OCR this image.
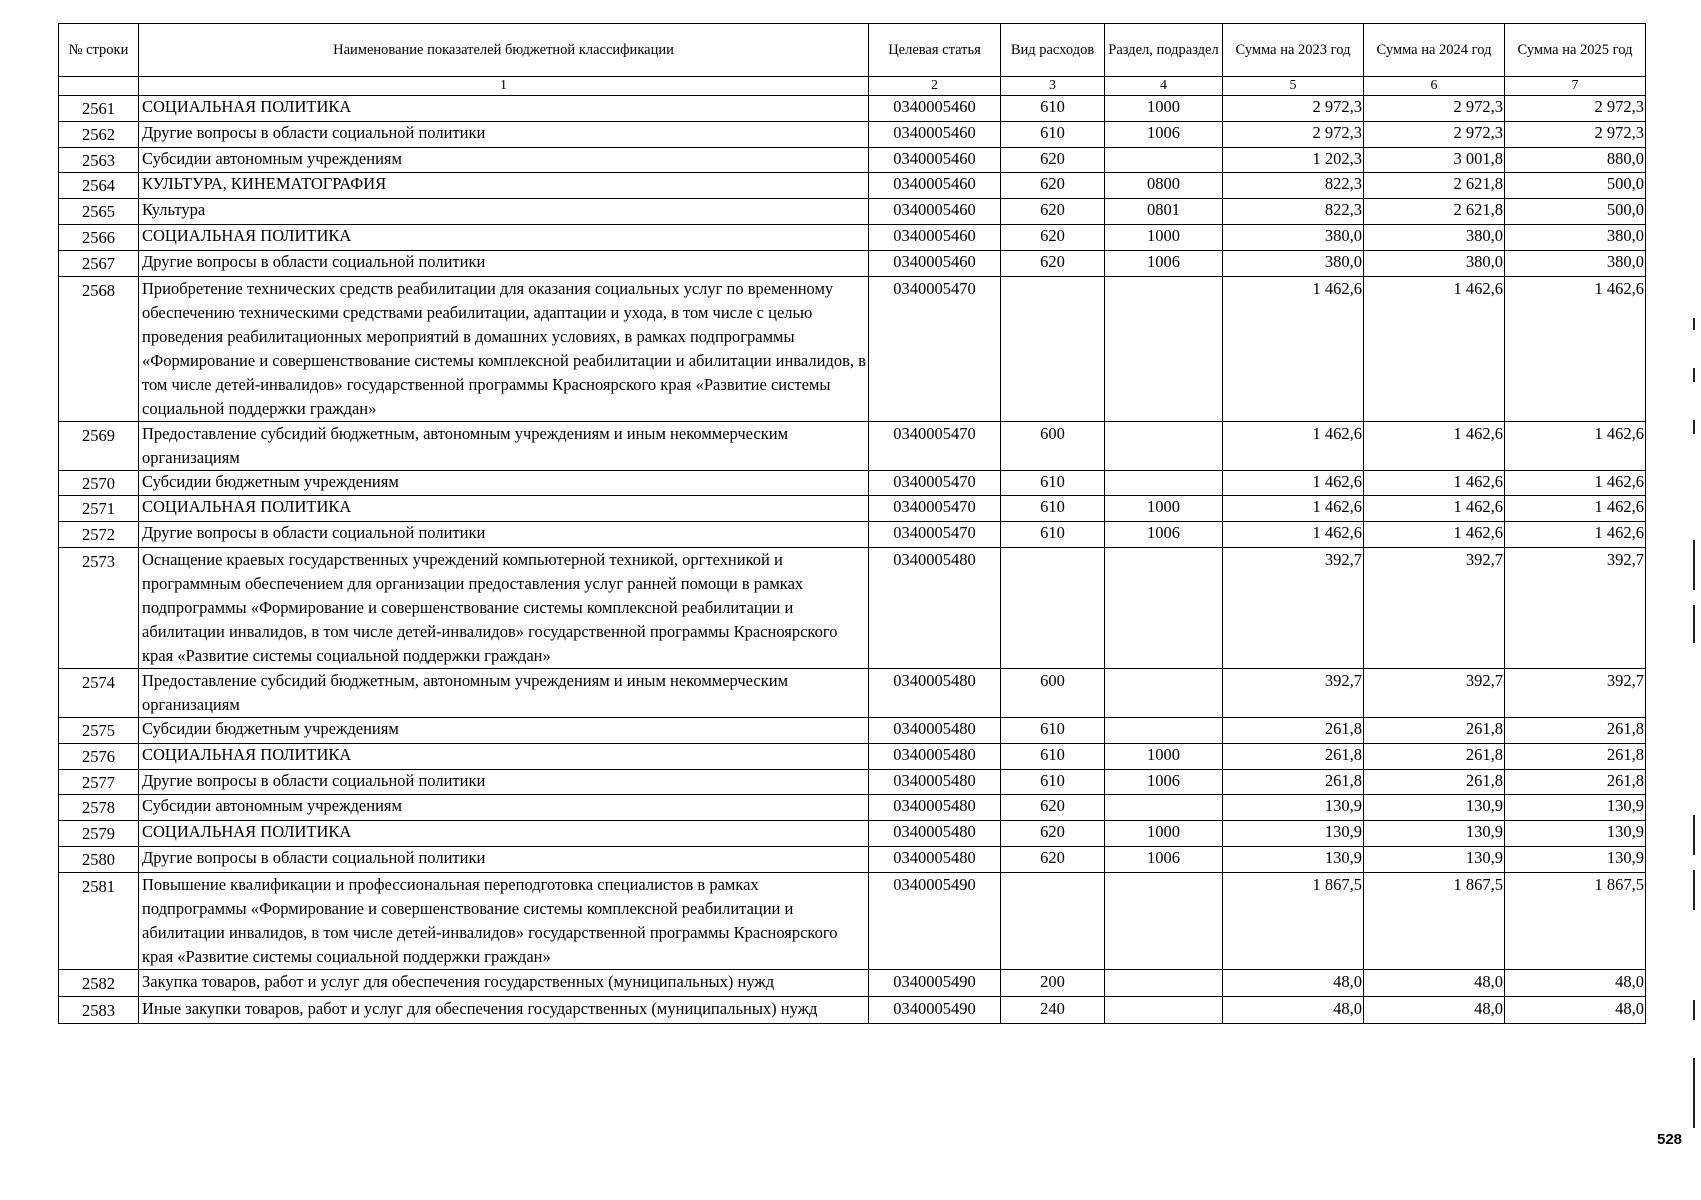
№ строки	Наименование показателей бюджетной классификации	Целевая статья	Вид расходов	Раздел, подраздел	Сумма на 2023 год	Сумма на 2024 год	Сумма на 2025 год
	1	2	3	4	5	6	7
2561	СОЦИАЛЬНАЯ ПОЛИТИКА	0340005460	610	1000	2 972,3	2 972,3	2 972,3
2562	Другие вопросы в области социальной политики	0340005460	610	1006	2 972,3	2 972,3	2 972,3
2563	Субсидии автономным учреждениям	0340005460	620		1 202,3	3 001,8	880,0
2564	КУЛЬТУРА, КИНЕМАТОГРАФИЯ	0340005460	620	0800	822,3	2 621,8	500,0
2565	Культура	0340005460	620	0801	822,3	2 621,8	500,0
2566	СОЦИАЛЬНАЯ ПОЛИТИКА	0340005460	620	1000	380,0	380,0	380,0
2567	Другие вопросы в области социальной политики	0340005460	620	1006	380,0	380,0	380,0
2568	Приобретение технических средств реабилитации для оказания социальных услуг по временному обеспечению техническими средствами реабилитации, адаптации и ухода, в том числе с целью проведения реабилитационных мероприятий в домашних условиях, в рамках подпрограммы «Формирование и совершенствование системы комплексной реабилитации и абилитации инвалидов, в том числе детей-инвалидов» государственной программы Красноярского края «Развитие системы социальной поддержки граждан»	0340005470			1 462,6	1 462,6	1 462,6
2569	Предоставление субсидий бюджетным, автономным учреждениям и иным некоммерческим организациям	0340005470	600		1 462,6	1 462,6	1 462,6
2570	Субсидии бюджетным учреждениям	0340005470	610		1 462,6	1 462,6	1 462,6
2571	СОЦИАЛЬНАЯ ПОЛИТИКА	0340005470	610	1000	1 462,6	1 462,6	1 462,6
2572	Другие вопросы в области социальной политики	0340005470	610	1006	1 462,6	1 462,6	1 462,6
2573	Оснащение краевых государственных учреждений компьютерной техникой, оргтехникой и программным обеспечением для организации предоставления услуг ранней помощи в рамках подпрограммы «Формирование и совершенствование системы комплексной реабилитации и абилитации инвалидов, в том числе детей-инвалидов» государственной программы Красноярского края «Развитие системы социальной поддержки граждан»	0340005480			392,7	392,7	392,7
2574	Предоставление субсидий бюджетным, автономным учреждениям и иным некоммерческим организациям	0340005480	600		392,7	392,7	392,7
2575	Субсидии бюджетным учреждениям	0340005480	610		261,8	261,8	261,8
2576	СОЦИАЛЬНАЯ ПОЛИТИКА	0340005480	610	1000	261,8	261,8	261,8
2577	Другие вопросы в области социальной политики	0340005480	610	1006	261,8	261,8	261,8
2578	Субсидии автономным учреждениям	0340005480	620		130,9	130,9	130,9
2579	СОЦИАЛЬНАЯ ПОЛИТИКА	0340005480	620	1000	130,9	130,9	130,9
2580	Другие вопросы в области социальной политики	0340005480	620	1006	130,9	130,9	130,9
2581	Повышение квалификации и профессиональная переподготовка специалистов в рамках подпрограммы «Формирование и совершенствование системы комплексной реабилитации и абилитации инвалидов, в том числе детей-инвалидов» государственной программы Красноярского края «Развитие системы социальной поддержки граждан»	0340005490			1 867,5	1 867,5	1 867,5
2582	Закупка товаров, работ и услуг для обеспечения государственных (муниципальных) нужд	0340005490	200		48,0	48,0	48,0
2583	Иные закупки товаров, работ и услуг для обеспечения государственных (муниципальных) нужд	0340005490	240		48,0	48,0	48,0
528
